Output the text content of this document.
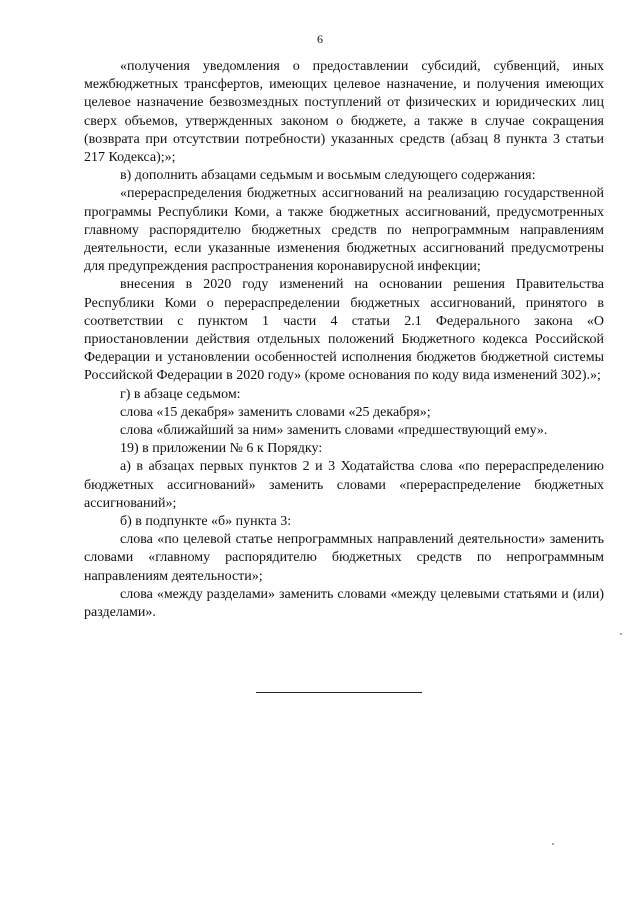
6

«получения уведомления о предоставлении субсидий, субвенций, иных межбюджетных трансфертов, имеющих целевое назначение, и получения имеющих целевое назначение безвозмездных поступлений от физических и юридических лиц сверх объемов, утвержденных законом о бюджете, а также в случае сокращения (возврата при отсутствии потребности) указанных средств (абзац 8 пункта 3 статьи 217 Кодекса);»;

в) дополнить абзацами седьмым и восьмым следующего содержания:

«перераспределения бюджетных ассигнований на реализацию государственной программы Республики Коми, а также бюджетных ассигнований, предусмотренных главному распорядителю бюджетных средств по непрограммным направлениям деятельности, если указанные изменения бюджетных ассигнований предусмотрены для предупреждения распространения коронавирусной инфекции;

внесения в 2020 году изменений на основании решения Правительства Республики Коми о перераспределении бюджетных ассигнований, принятого в соответствии с пунктом 1 части 4 статьи 2.1 Федерального закона «О приостановлении действия отдельных положений Бюджетного кодекса Российской Федерации и установлении особенностей исполнения бюджетов бюджетной системы Российской Федерации в 2020 году» (кроме основания по коду вида изменений 302).»;

г) в абзаце седьмом:

слова «15 декабря» заменить словами «25 декабря»;

слова «ближайший за ним» заменить словами «предшествующий ему».

19) в приложении № 6 к Порядку:

а) в абзацах первых пунктов 2 и 3 Ходатайства слова «по перераспределению бюджетных ассигнований» заменить словами «перераспределение бюджетных ассигнований»;

б) в подпункте «б» пункта 3:

слова «по целевой статье непрограммных направлений деятельности» заменить словами «главному распорядителю бюджетных средств по непрограммным направлениям деятельности»;

слова «между разделами» заменить словами «между целевыми статьями и (или) разделами».
